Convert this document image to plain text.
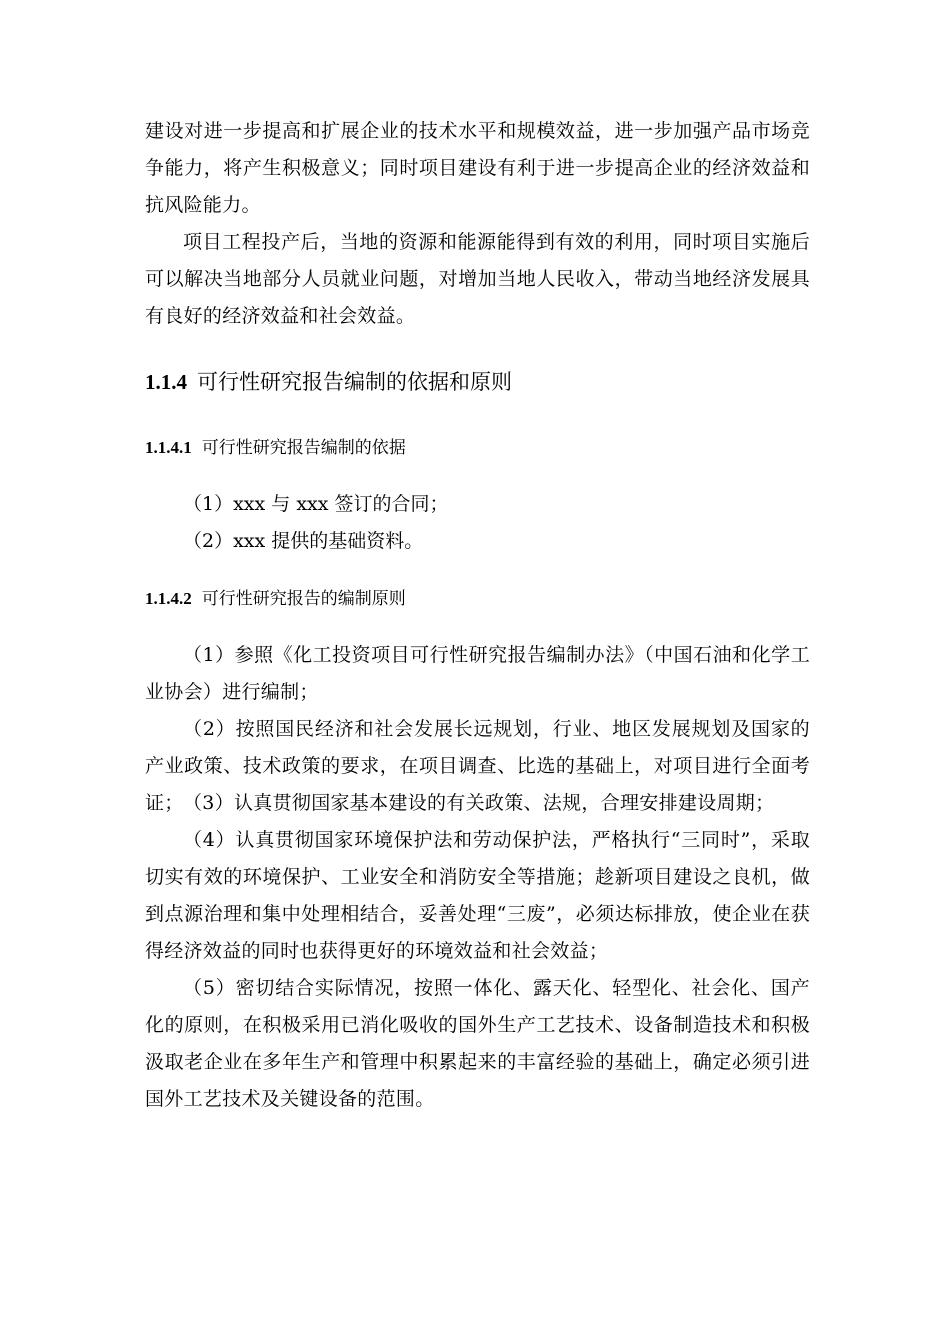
建设对进一步提高和扩展企业的技术水平和规模效益，进一步加强产品市场竞争能力，将产生积极意义；同时项目建设有利于进一步提高企业的经济效益和抗风险能力。

项目工程投产后，当地的资源和能源能得到有效的利用，同时项目实施后可以解决当地部分人员就业问题，对增加当地人民收入，带动当地经济发展具有良好的经济效益和社会效益。

1.1.4 可行性研究报告编制的依据和原则
1.1.4.1 可行性研究报告编制的依据

（1）xxx 与 xxx 签订的合同；

（2）xxx 提供的基础资料。

1.1.4.2 可行性研究报告的编制原则

（1）参照《化工投资项目可行性研究报告编制办法》（中国石油和化学工业协会）进行编制；

（2）按照国民经济和社会发展长远规划，行业、地区发展规划及国家的产业政策、技术政策的要求，在项目调查、比选的基础上，对项目进行全面考证； （3）认真贯彻国家基本建设的有关政策、法规，合理安排建设周期；

（4）认真贯彻国家环境保护法和劳动保护法，严格执行“三同时”，采取切实有效的环境保护、工业安全和消防安全等措施；趁新项目建设之良机，做到点源治理和集中处理相结合，妥善处理“三废”，必须达标排放，使企业在获得经济效益的同时也获得更好的环境效益和社会效益；

（5）密切结合实际情况，按照一体化、露天化、轻型化、社会化、国产化的原则，在积极采用已消化吸收的国外生产工艺技术、设备制造技术和积极汲取老企业在多年生产和管理中积累起来的丰富经验的基础上，确定必须引进国外工艺技术及关键设备的范围。
